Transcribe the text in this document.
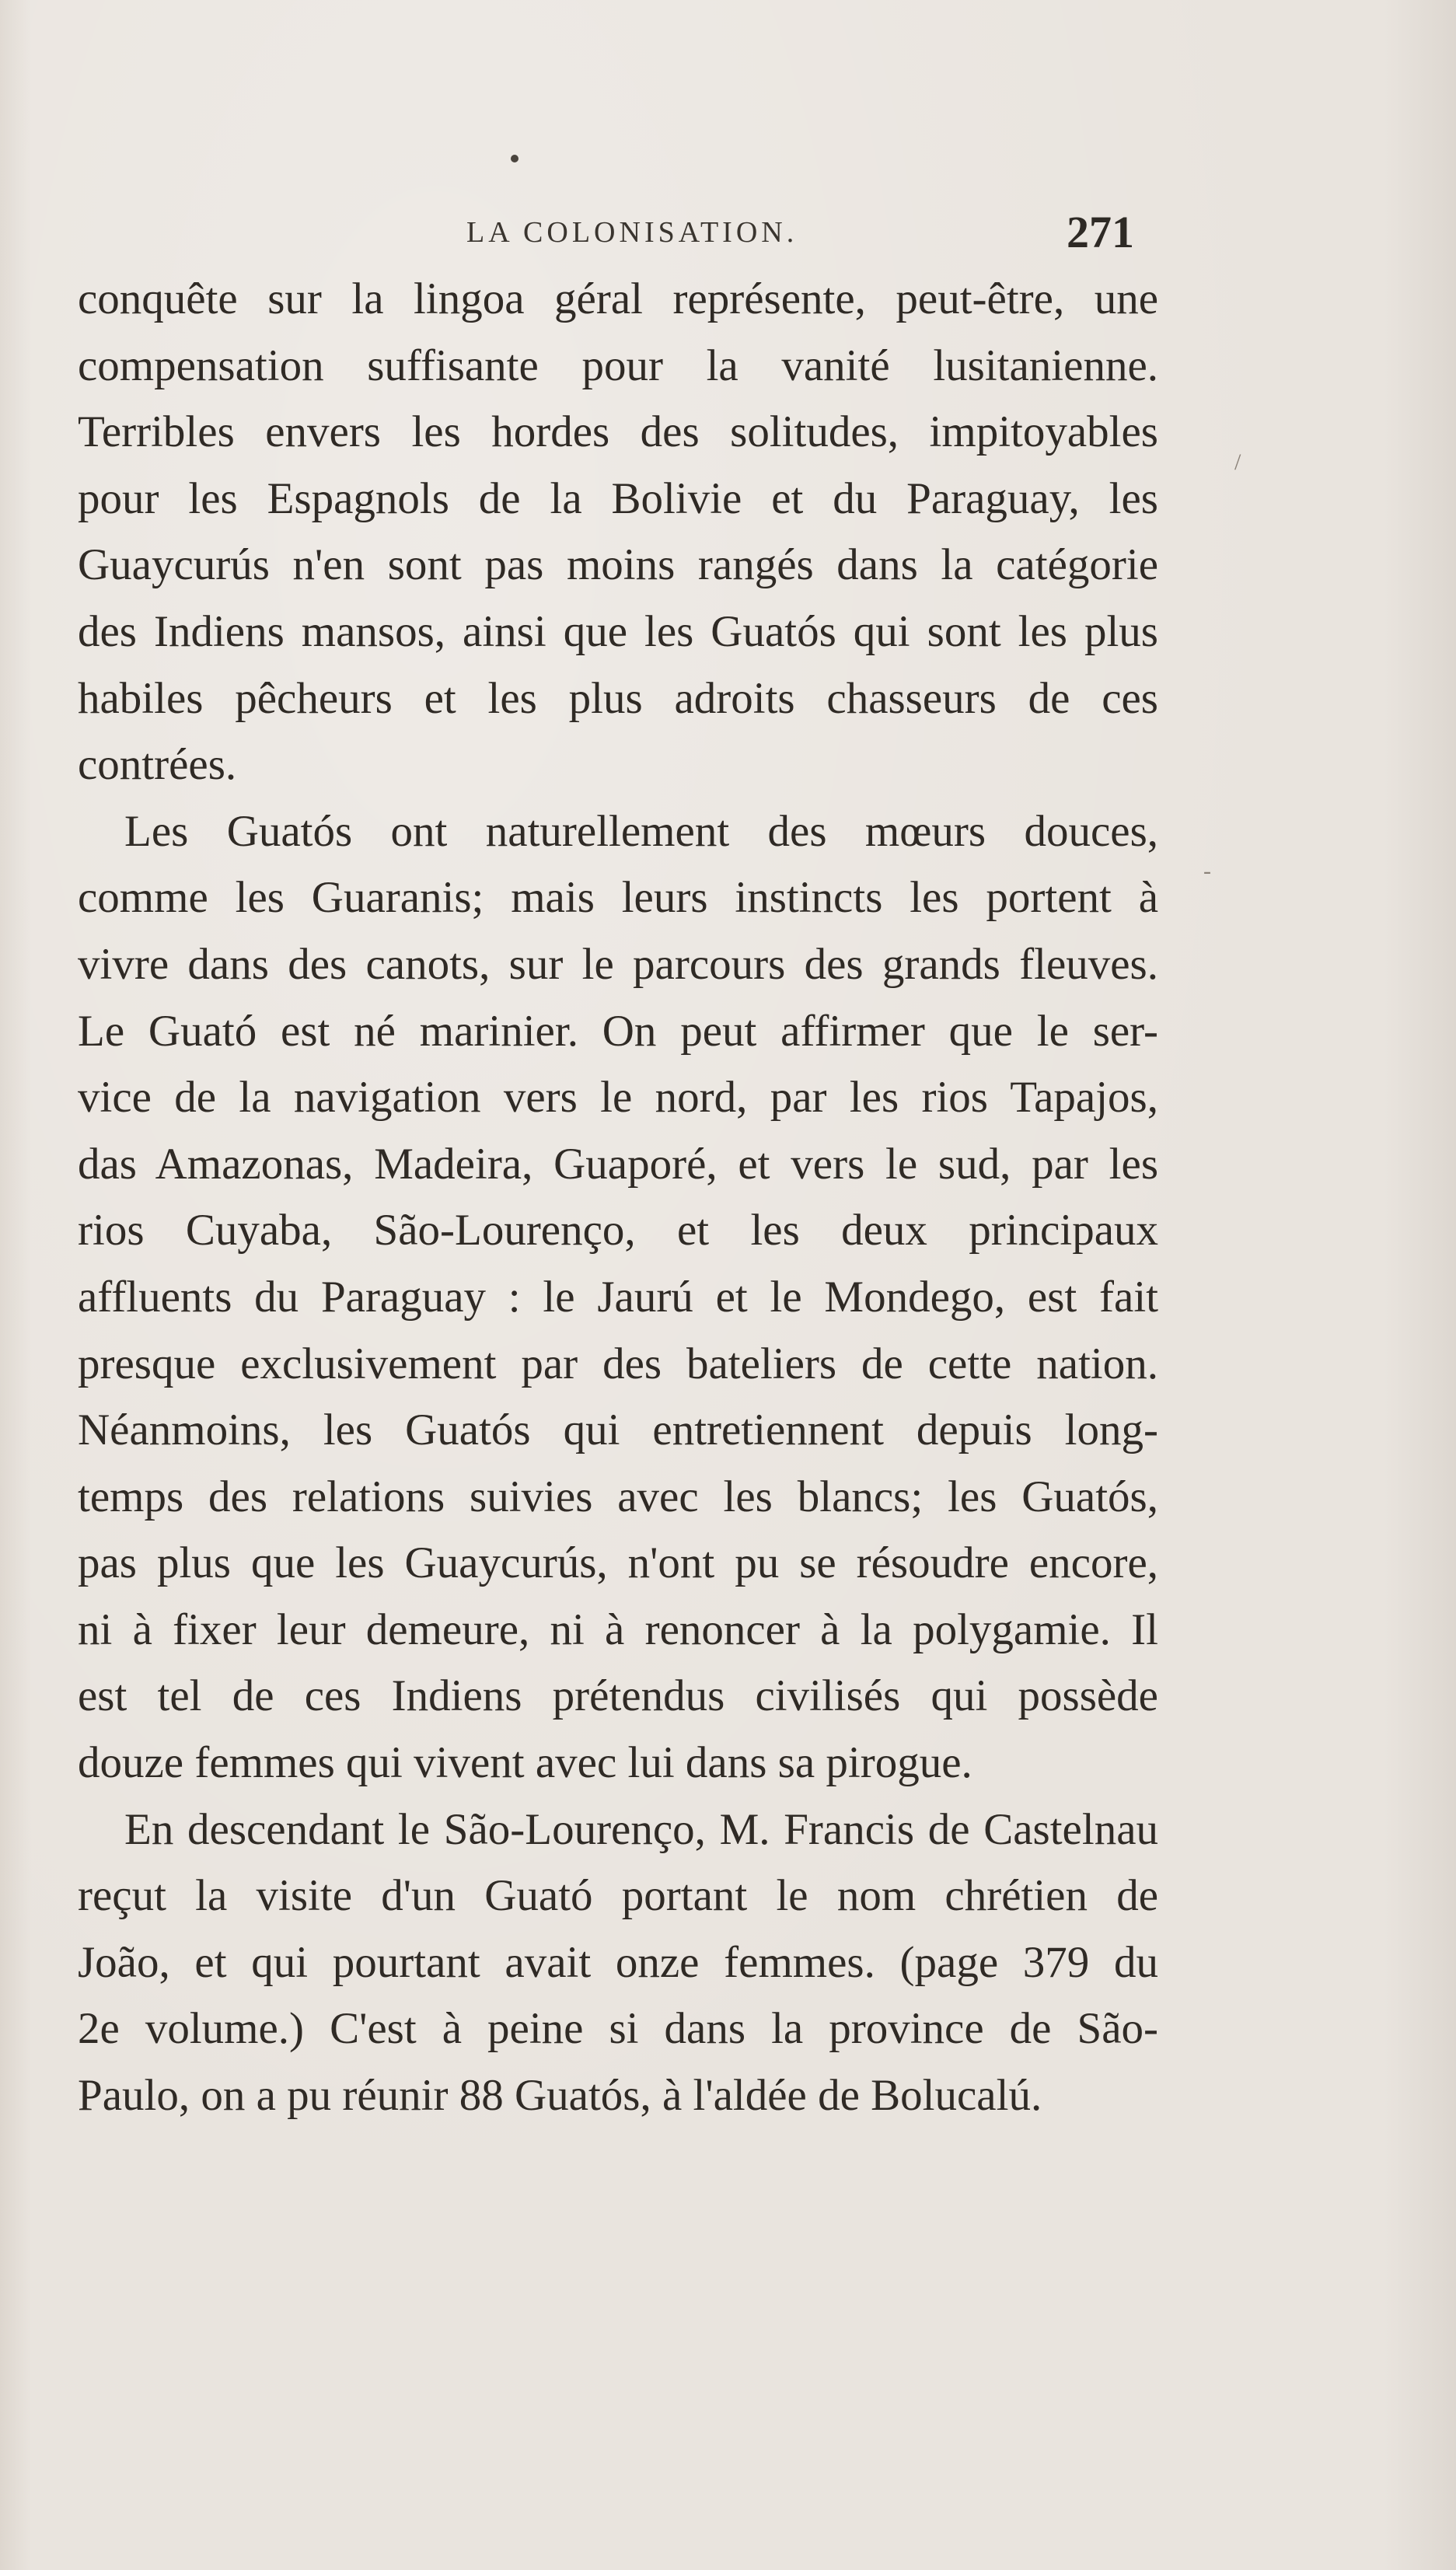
LA COLONISATION.	271
/
-
conquête sur la lingoa géral représente, peut-être, une
compensation suffisante pour la vanité lusitanienne.
Terribles envers les hordes des solitudes, impitoyables
pour les Espagnols de la Bolivie et du Paraguay, les
Guaycurús n'en sont pas moins rangés dans la catégorie
des Indiens mansos, ainsi que les Guatós qui sont les plus
habiles pêcheurs et les plus adroits chasseurs de ces
contrées.
Les Guatós ont naturellement des mœurs douces,
comme les Guaranis; mais leurs instincts les portent à
vivre dans des canots, sur le parcours des grands fleuves.
Le Guató est né marinier. On peut affirmer que le ser-
vice de la navigation vers le nord, par les rios Tapajos,
das Amazonas, Madeira, Guaporé, et vers le sud, par les
rios Cuyaba, São-Lourenço, et les deux principaux
affluents du Paraguay : le Jaurú et le Mondego, est fait
presque exclusivement par des bateliers de cette nation.
Néanmoins, les Guatós qui entretiennent depuis long-
temps des relations suivies avec les blancs; les Guatós,
pas plus que les Guaycurús, n'ont pu se résoudre encore,
ni à fixer leur demeure, ni à renoncer à la polygamie. Il
est tel de ces Indiens prétendus civilisés qui possède
douze femmes qui vivent avec lui dans sa pirogue.
En descendant le São-Lourenço, M. Francis de Castelnau
reçut la visite d'un Guató portant le nom chrétien de
João, et qui pourtant avait onze femmes. (page 379 du
2e volume.) C'est à peine si dans la province de São-
Paulo, on a pu réunir 88 Guatós, à l'aldée de Bolucalú.
